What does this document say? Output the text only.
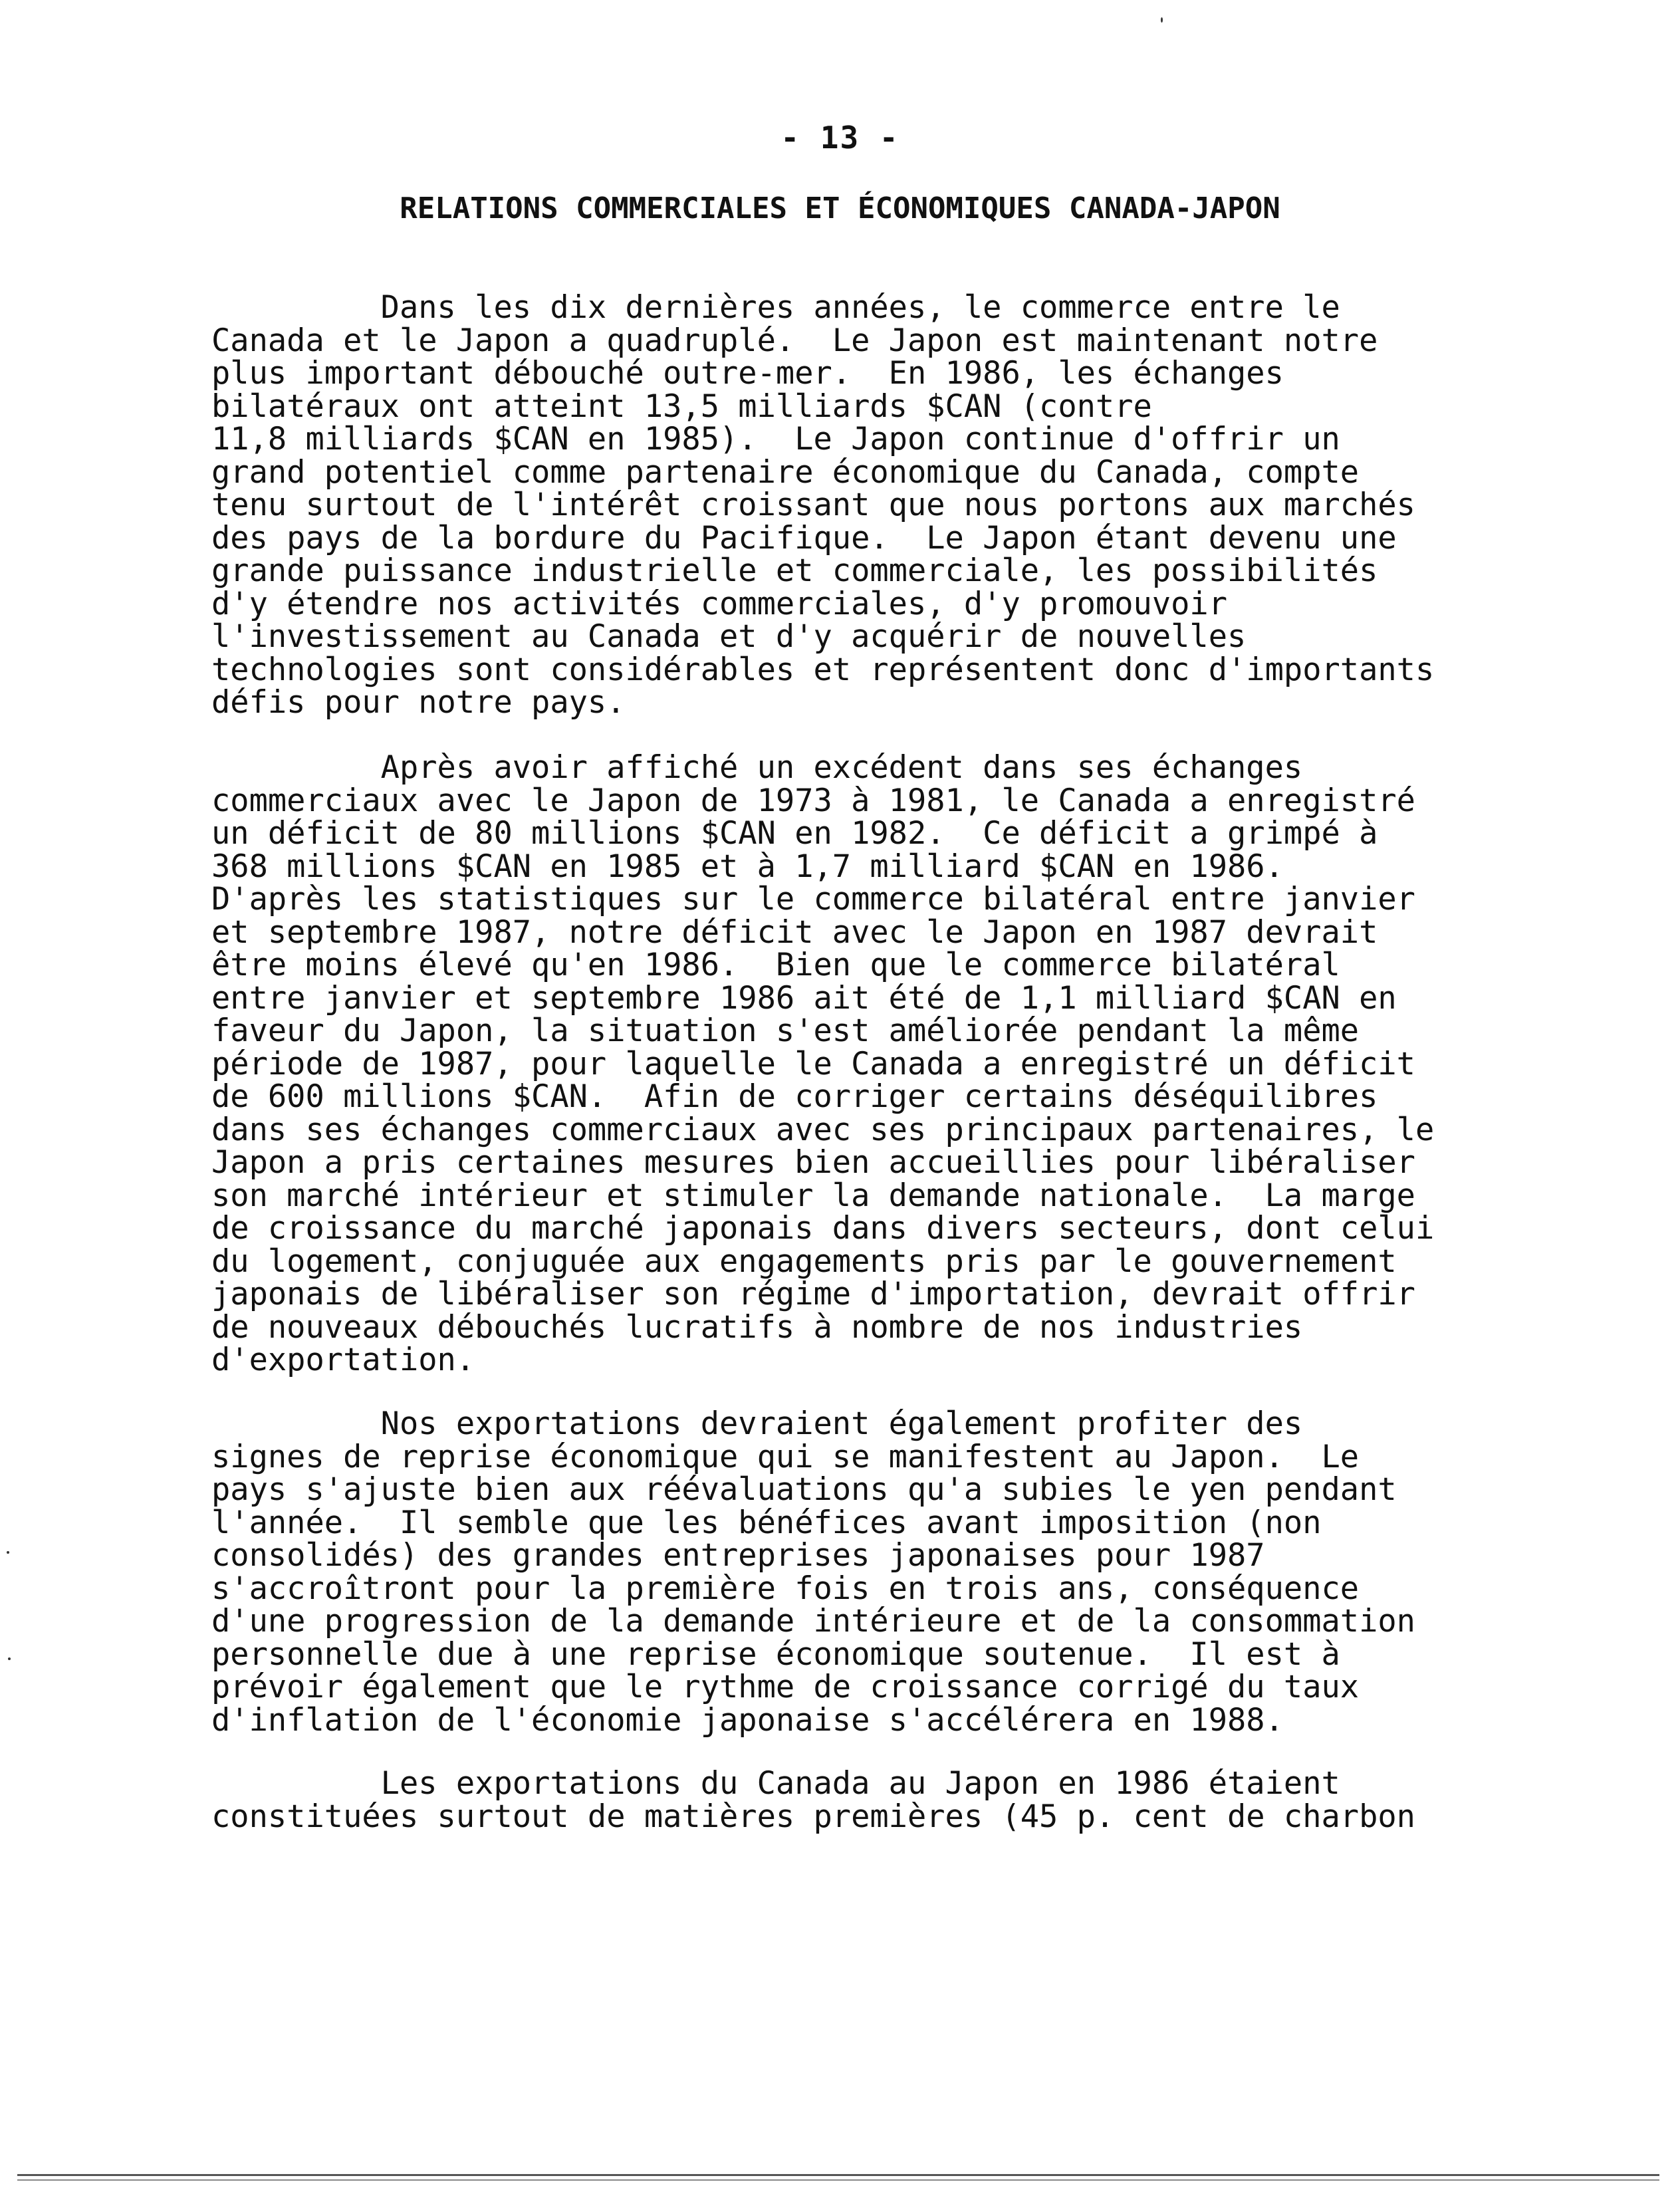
- 13 -
RELATIONS COMMERCIALES ET ÉCONOMIQUES CANADA-JAPON
Dans les dix dernières années, le commerce entre le
Canada et le Japon a quadruplé.  Le Japon est maintenant notre
plus important débouché outre-mer.  En 1986, les échanges
bilatéraux ont atteint 13,5 milliards $CAN (contre
11,8 milliards $CAN en 1985).  Le Japon continue d'offrir un
grand potentiel comme partenaire économique du Canada, compte
tenu surtout de l'intérêt croissant que nous portons aux marchés
des pays de la bordure du Pacifique.  Le Japon étant devenu une
grande puissance industrielle et commerciale, les possibilités
d'y étendre nos activités commerciales, d'y promouvoir
l'investissement au Canada et d'y acquérir de nouvelles
technologies sont considérables et représentent donc d'importants
défis pour notre pays.
Après avoir affiché un excédent dans ses échanges
commerciaux avec le Japon de 1973 à 1981, le Canada a enregistré
un déficit de 80 millions $CAN en 1982.  Ce déficit a grimpé à
368 millions $CAN en 1985 et à 1,7 milliard $CAN en 1986.
D'après les statistiques sur le commerce bilatéral entre janvier
et septembre 1987, notre déficit avec le Japon en 1987 devrait
être moins élevé qu'en 1986.  Bien que le commerce bilatéral
entre janvier et septembre 1986 ait été de 1,1 milliard $CAN en
faveur du Japon, la situation s'est améliorée pendant la même
période de 1987, pour laquelle le Canada a enregistré un déficit
de 600 millions $CAN.  Afin de corriger certains déséquilibres
dans ses échanges commerciaux avec ses principaux partenaires, le
Japon a pris certaines mesures bien accueillies pour libéraliser
son marché intérieur et stimuler la demande nationale.  La marge
de croissance du marché japonais dans divers secteurs, dont celui
du logement, conjuguée aux engagements pris par le gouvernement
japonais de libéraliser son régime d'importation, devrait offrir
de nouveaux débouchés lucratifs à nombre de nos industries
d'exportation.
Nos exportations devraient également profiter des
signes de reprise économique qui se manifestent au Japon.  Le
pays s'ajuste bien aux réévaluations qu'a subies le yen pendant
l'année.  Il semble que les bénéfices avant imposition (non
consolidés) des grandes entreprises japonaises pour 1987
s'accroîtront pour la première fois en trois ans, conséquence
d'une progression de la demande intérieure et de la consommation
personnelle due à une reprise économique soutenue.  Il est à
prévoir également que le rythme de croissance corrigé du taux
d'inflation de l'économie japonaise s'accélérera en 1988.
Les exportations du Canada au Japon en 1986 étaient
constituées surtout de matières premières (45 p. cent de charbon
